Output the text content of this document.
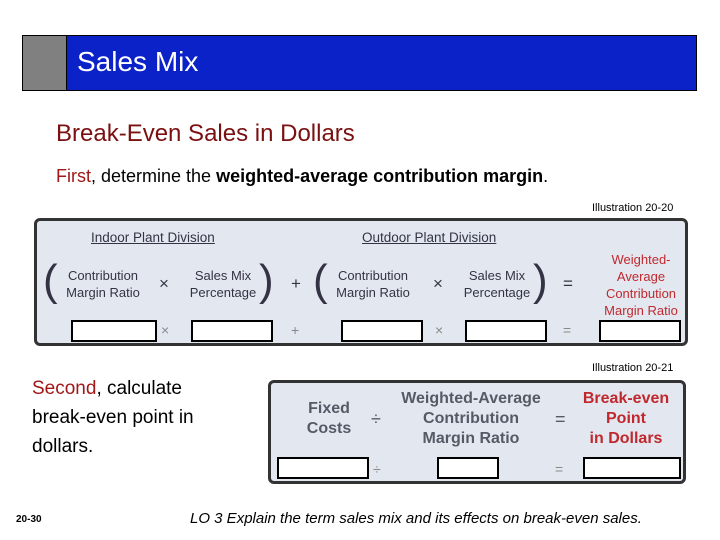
Sales Mix
Break-Even Sales in Dollars
First, determine the weighted-average contribution margin.
Illustration 20-20
Indoor Plant Division	Outdoor Plant Division
( Contribution
Margin Ratio	×	Sales Mix
Percentage ) + ( Contribution
Margin Ratio	×	Sales Mix
Percentage ) =
Weighted-
Average
Contribution
Margin Ratio
×	+	×	=
Illustration 20-21
Second, calculate
break-even point in
dollars.
Fixed
Costs	÷
Weighted-Average
Contribution
Margin Ratio
=
Break-even
Point
in Dollars
÷	=
20-30	LO 3 Explain the term sales mix and its effects on break-even sales.
